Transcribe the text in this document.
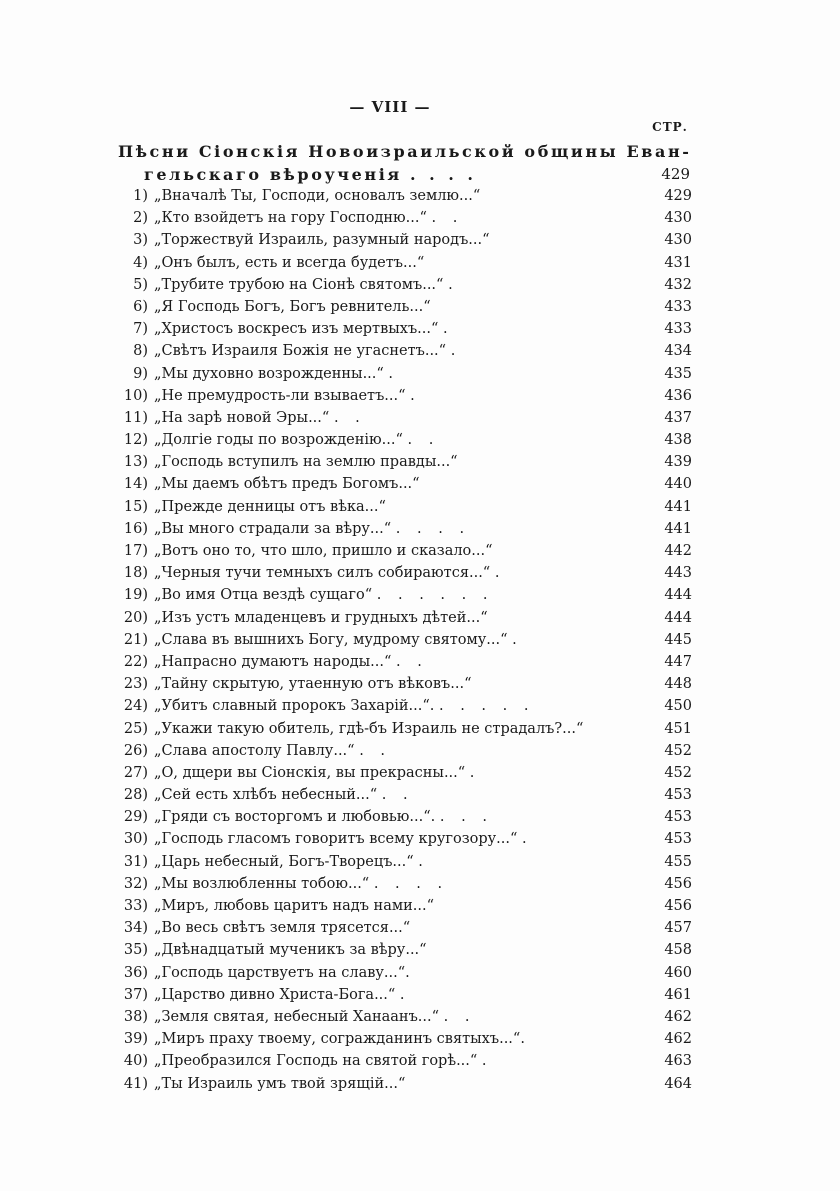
— VIII —
СТР.
Пѣсни Сіонскія Новоизраильской общины Еван-
гельскаго вѣроученія . . . .	429
1) „Вначалѣ Ты, Господи, основалъ землю...“	429
2) „Кто взойдетъ на гору Господню...“ . .	430
3) „Торжествуй Израиль, разумный народъ...“	430
4) „Онъ былъ, есть и всегда будетъ...“	431
5) „Трубите трубою на Сіонѣ святомъ...“ .	432
6) „Я Господь Богъ, Богъ ревнитель...“	433
7) „Христосъ воскресъ изъ мертвыхъ...“ .	433
8) „Свѣтъ Израиля Божія не угаснетъ...“ .	434
9) „Мы духовно возрожденны...“ .	435
10) „Не премудрость-ли взываетъ...“ .	436
11) „На зарѣ новой Эры...“ . .	437
12) „Долгіе годы по возрожденію...“ . .	438
13) „Господь вступилъ на землю правды...“	439
14) „Мы даемъ обѣтъ предъ Богомъ...“	440
15) „Прежде денницы отъ вѣка...“	441
16) „Вы много страдали за вѣру...“ . . . .	441
17) „Вотъ оно то, что шло, пришло и сказало...“	442
18) „Черныя тучи темныхъ силъ собираются...“ .	443
19) „Во имя Отца вездѣ сущаго“ . . . . . .	444
20) „Изъ устъ младенцевъ и грудныхъ дѣтей...“	444
21) „Слава въ вышнихъ Богу, мудрому святому...“ .	445
22) „Напрасно думаютъ народы...“ . .	447
23) „Тайну скрытую, утаенную отъ вѣковъ...“	448
24) „Убитъ славный пророкъ Захарій...“. . . . . .	450
25) „Укажи такую обитель, гдѣ-бъ Израиль не страдалъ?...“	451
26) „Слава апостолу Павлу...“ . .	452
27) „О, дщери вы Сіонскія, вы прекрасны...“ .	452
28) „Сей есть хлѣбъ небесный...“ . .	453
29) „Гряди съ восторгомъ и любовью...“. . . .	453
30) „Господь гласомъ говоритъ всему кругозору...“ .	453
31) „Царь небесный, Богъ-Творецъ...“ .	455
32) „Мы возлюбленны тобою...“ . . . .	456
33) „Миръ, любовь царитъ надъ нами...“	456
34) „Во весь свѣтъ земля трясется...“	457
35) „Двѣнадцатый мученикъ за вѣру...“	458
36) „Господь царствуетъ на славу...“.	460
37) „Царство дивно Христа-Бога...“ .	461
38) „Земля святая, небесный Ханаанъ...“ . .	462
39) „Миръ праху твоему, согражданинъ святыхъ...“.	462
40) „Преобразился Господь на святой горѣ...“ .	463
41) „Ты Израиль умъ твой зрящій...“	464
